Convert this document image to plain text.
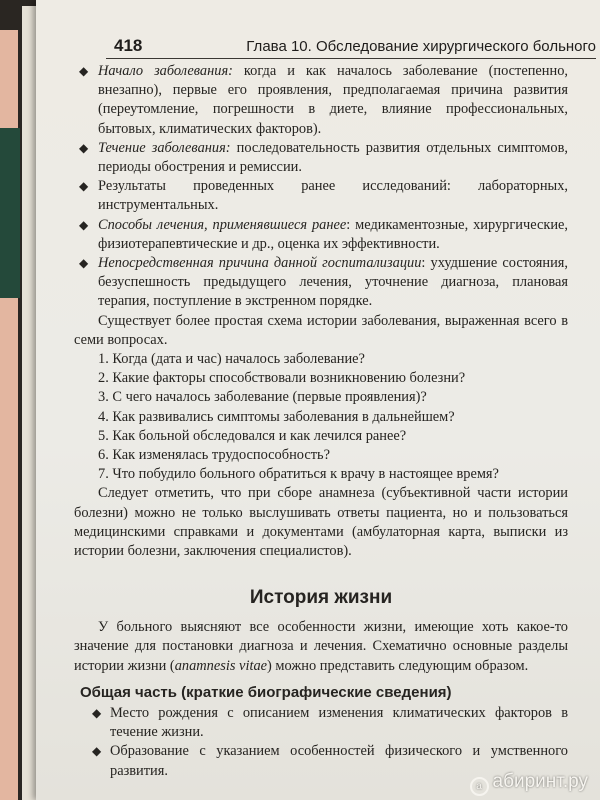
418	Глава 10. Обследование хирургического больного

◆ Начало заболевания: когда и как началось заболевание (постепенно, внезапно), первые его проявления, предполагаемая причина развития (переутомление, погрешности в диете, влияние профессиональных, бытовых, климатических факторов).

◆ Течение заболевания: последовательность развития отдельных симптомов, периоды обострения и ремиссии.

◆ Результаты проведенных ранее исследований: лабораторных, инструментальных.

◆ Способы лечения, применявшиеся ранее: медикаментозные, хирургические, физиотерапевтические и др., оценка их эффективности.

◆ Непосредственная причина данной госпитализации: ухудшение состояния, безуспешность предыдущего лечения, уточнение диагноза, плановая терапия, поступление в экстренном порядке.

Существует более простая схема истории заболевания, выраженная всего в семи вопросах.

1. Когда (дата и час) началось заболевание?

2. Какие факторы способствовали возникновению болезни?

3. С чего началось заболевание (первые проявления)?

4. Как развивались симптомы заболевания в дальнейшем?

5. Как больной обследовался и как лечился ранее?

6. Как изменялась трудоспособность?

7. Что побудило больного обратиться к врачу в настоящее время?

Следует отметить, что при сборе анамнеза (субъективной части истории болезни) можно не только выслушивать ответы пациента, но и пользоваться медицинскими справками и документами (амбулаторная карта, выписки из истории болезни, заключения специалистов).

История жизни

У больного выясняют все особенности жизни, имеющие хоть какое-то значение для постановки диагноза и лечения. Схематично основные разделы истории жизни (anamnesis vitae) можно представить следующим образом.

Общая часть (краткие биографические сведения)

◆ Место рождения с описанием изменения климатических факторов в течение жизни.

◆ Образование с указанием особенностей физического и умственного развития.

а абиринт.ру
